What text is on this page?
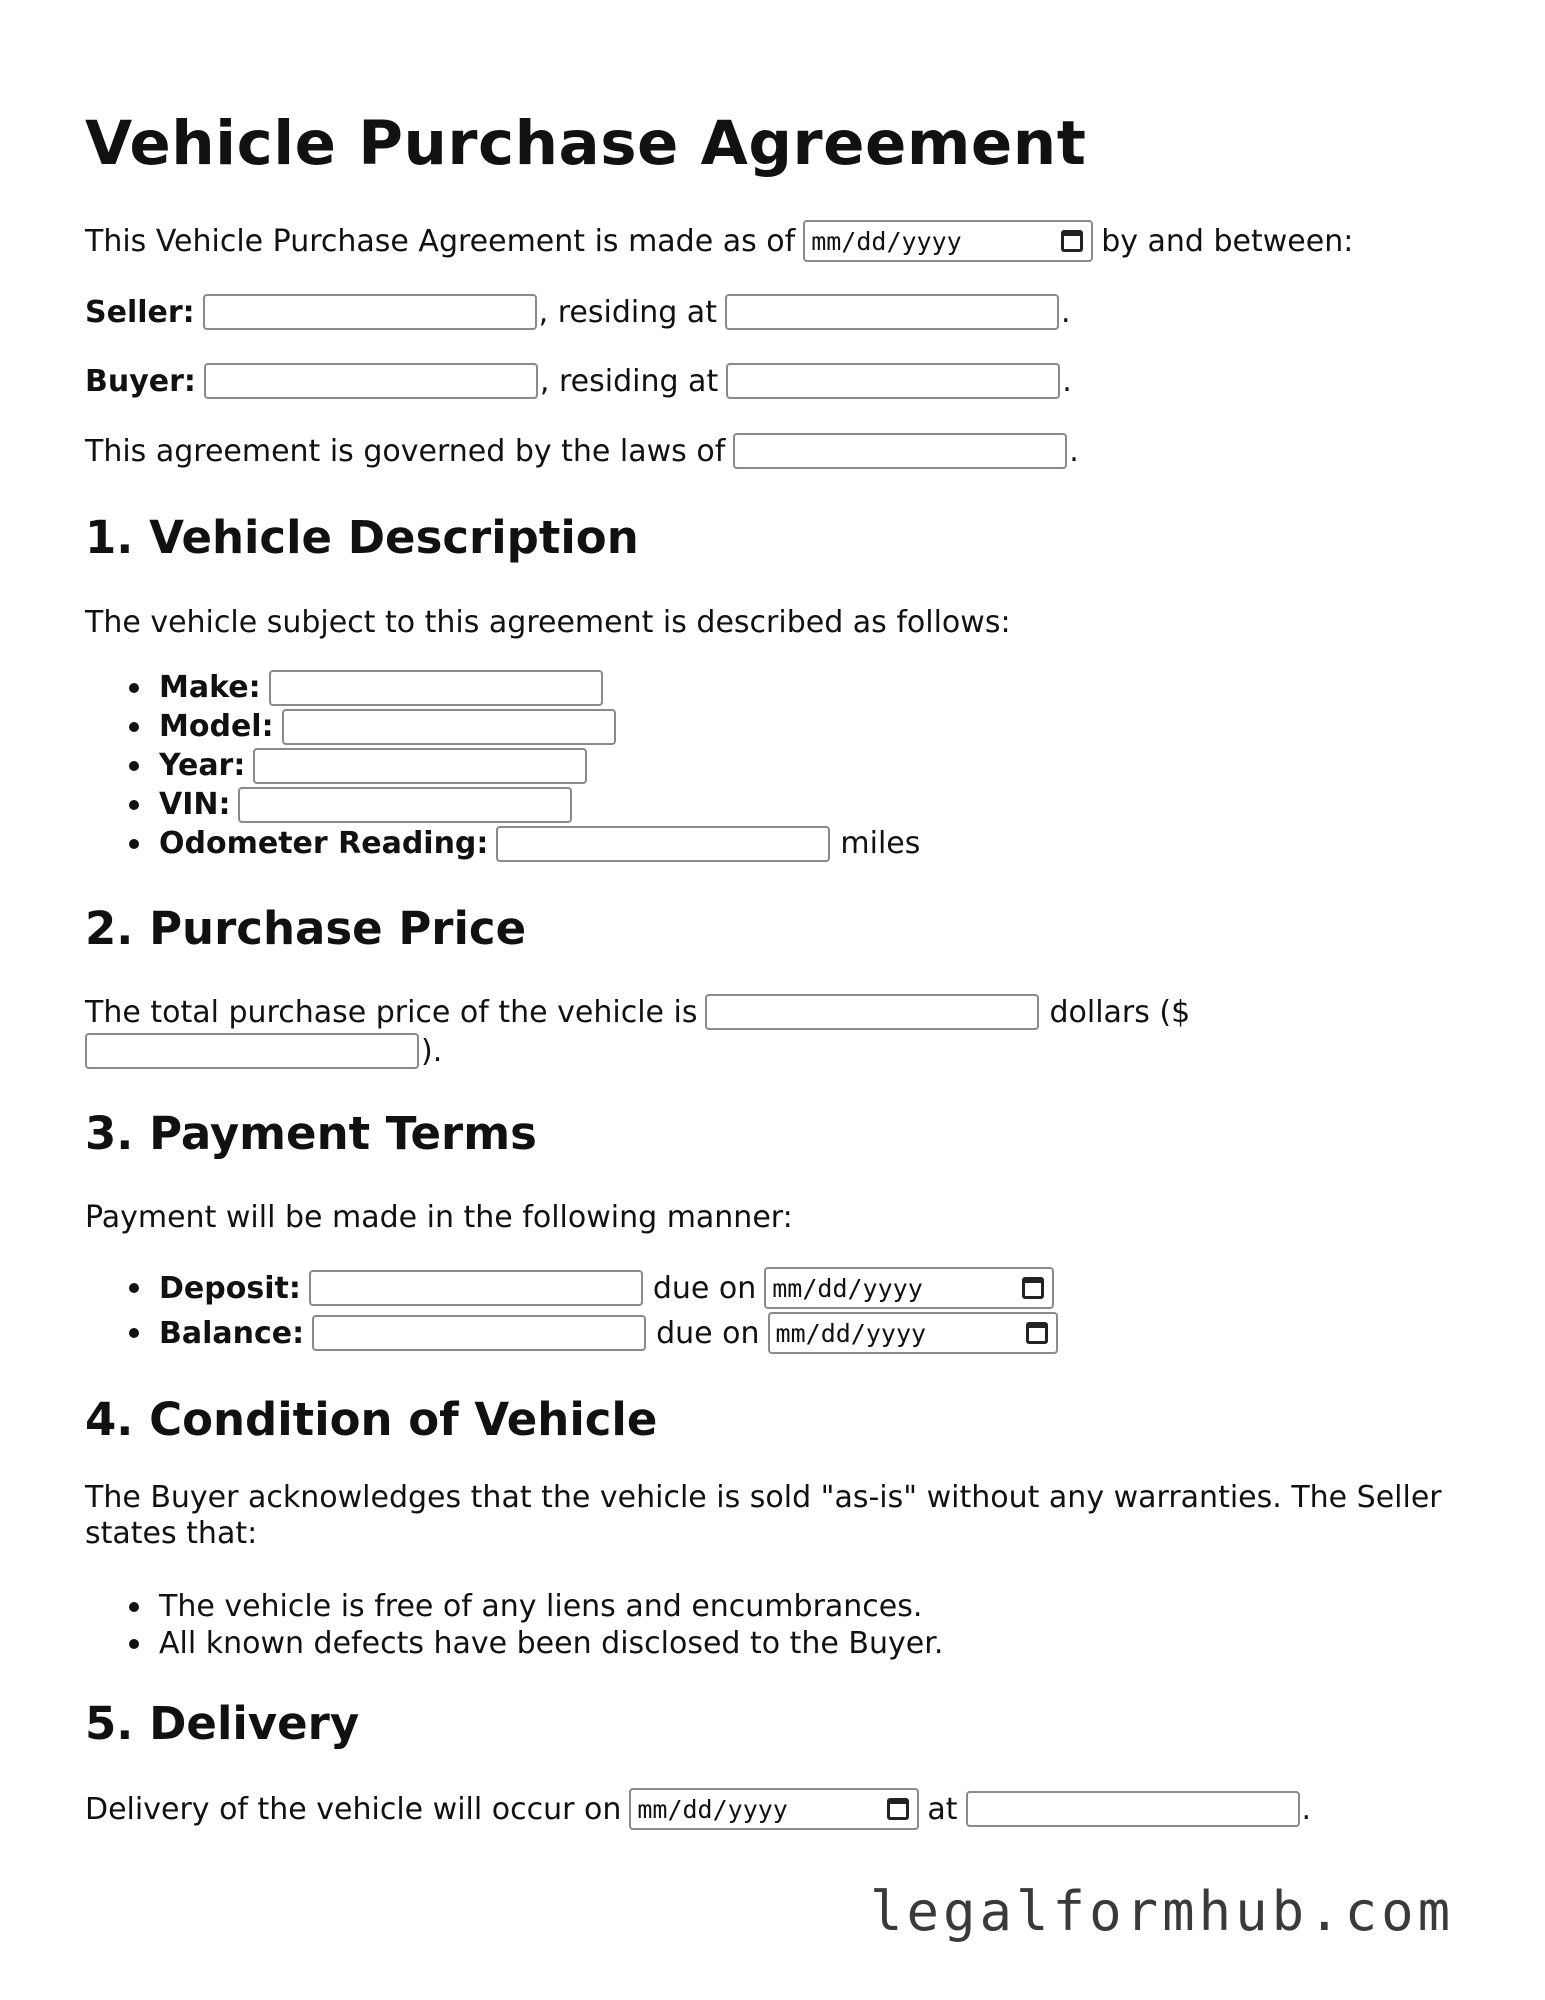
Vehicle Purchase Agreement
This Vehicle Purchase Agreement is made as of mm/dd/yyyy	by and between:
Seller:	, residing at	.
Buyer:	, residing at	.
This agreement is governed by the laws of	.
1. Vehicle Description
The vehicle subject to this agreement is described as follows:
Make:
Model:
Year:
VIN:
Odometer Reading:	miles
2. Purchase Price
The total purchase price of the vehicle is	dollars ($
).
3. Payment Terms
Payment will be made in the following manner:
Deposit:	due on mm/dd/yyyy
Balance:	due on mm/dd/yyyy
4. Condition of Vehicle
The Buyer acknowledges that the vehicle is sold "as-is" without any warranties. The Seller
states that:
The vehicle is free of any liens and encumbrances.
All known defects have been disclosed to the Buyer.
5. Delivery
Delivery of the vehicle will occur on mm/dd/yyyy	at	.
legalformhub.com
